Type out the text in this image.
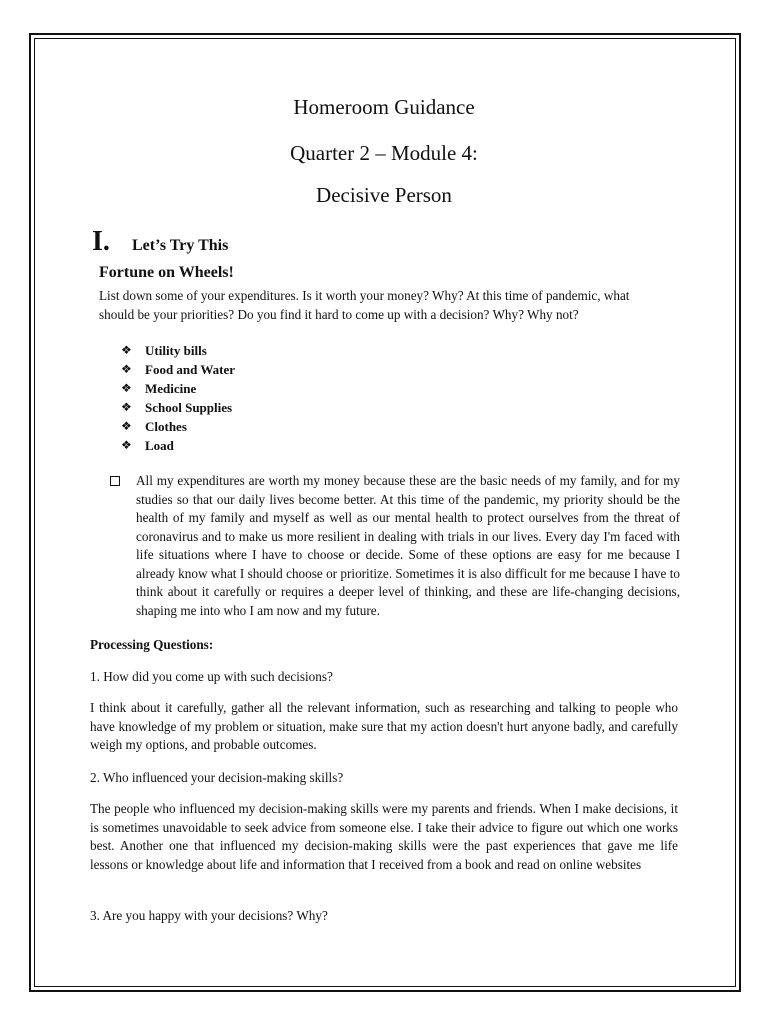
Homeroom Guidance
Quarter 2 – Module 4:
Decisive Person
I.	Let’s Try This
Fortune on Wheels!
List down some of your expenditures. Is it worth your money? Why? At this time of pandemic, what should be your priorities? Do you find it hard to come up with a decision? Why? Why not?
❖	Utility bills
❖	Food and Water
❖	Medicine
❖	School Supplies
❖	Clothes
❖	Load
All my expenditures are worth my money because these are the basic needs of my family, and for my studies so that our daily lives become better. At this time of the pandemic, my priority should be the health of my family and myself as well as our mental health to protect ourselves from the threat of coronavirus and to make us more resilient in dealing with trials in our lives. Every day I'm faced with life situations where I have to choose or decide. Some of these options are easy for me because I already know what I should choose or prioritize. Sometimes it is also difficult for me because I have to think about it carefully or requires a deeper level of thinking, and these are life-changing decisions, shaping me into who I am now and my future.
Processing Questions:
1. How did you come up with such decisions?
I think about it carefully, gather all the relevant information, such as researching and talking to people who have knowledge of my problem or situation, make sure that my action doesn't hurt anyone badly, and carefully weigh my options, and probable outcomes.
2. Who influenced your decision-making skills?
The people who influenced my decision-making skills were my parents and friends. When I make decisions, it is sometimes unavoidable to seek advice from someone else. I take their advice to figure out which one works best. Another one that influenced my decision-making skills were the past experiences that gave me life lessons or knowledge about life and information that I received from a book and read on online websites
3. Are you happy with your decisions? Why?
